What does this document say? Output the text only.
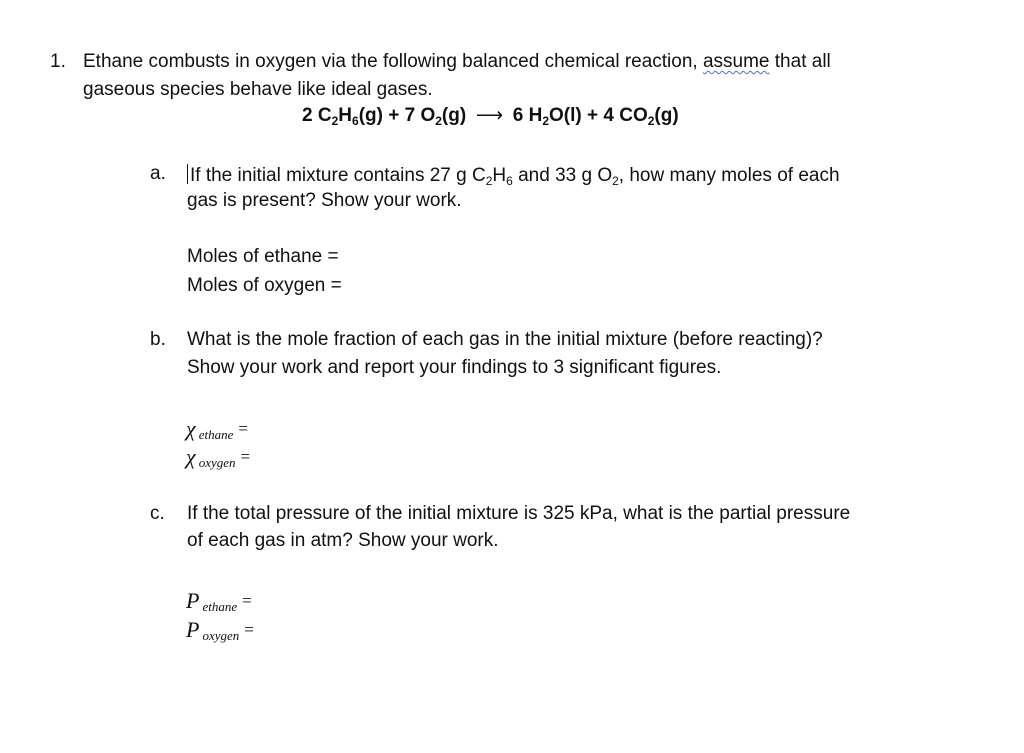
1. Ethane combusts in oxygen via the following balanced chemical reaction, assume that all
gaseous species behave like ideal gases.
2 $C_2H_6(g) + 7$ $O_2(g)$ ⟶ 6 $H_2O(l) + 4$ $CO_2(g)$
a. If the initial mixture contains 27 g $C_2H_6$ and 33 g $O_2$, how many moles of each
gas is present? Show your work.
Moles of ethane =
Moles of oxygen =
b. What is the mole fraction of each gas in the initial mixture (before reacting)?
Show your work and report your findings to 3 significant figures.
χethane =
χoxygen =
c. If the total pressure of the initial mixture is 325 kPa, what is the partial pressure
of each gas in atm? Show your work.
Pethane =
Poxygen =
